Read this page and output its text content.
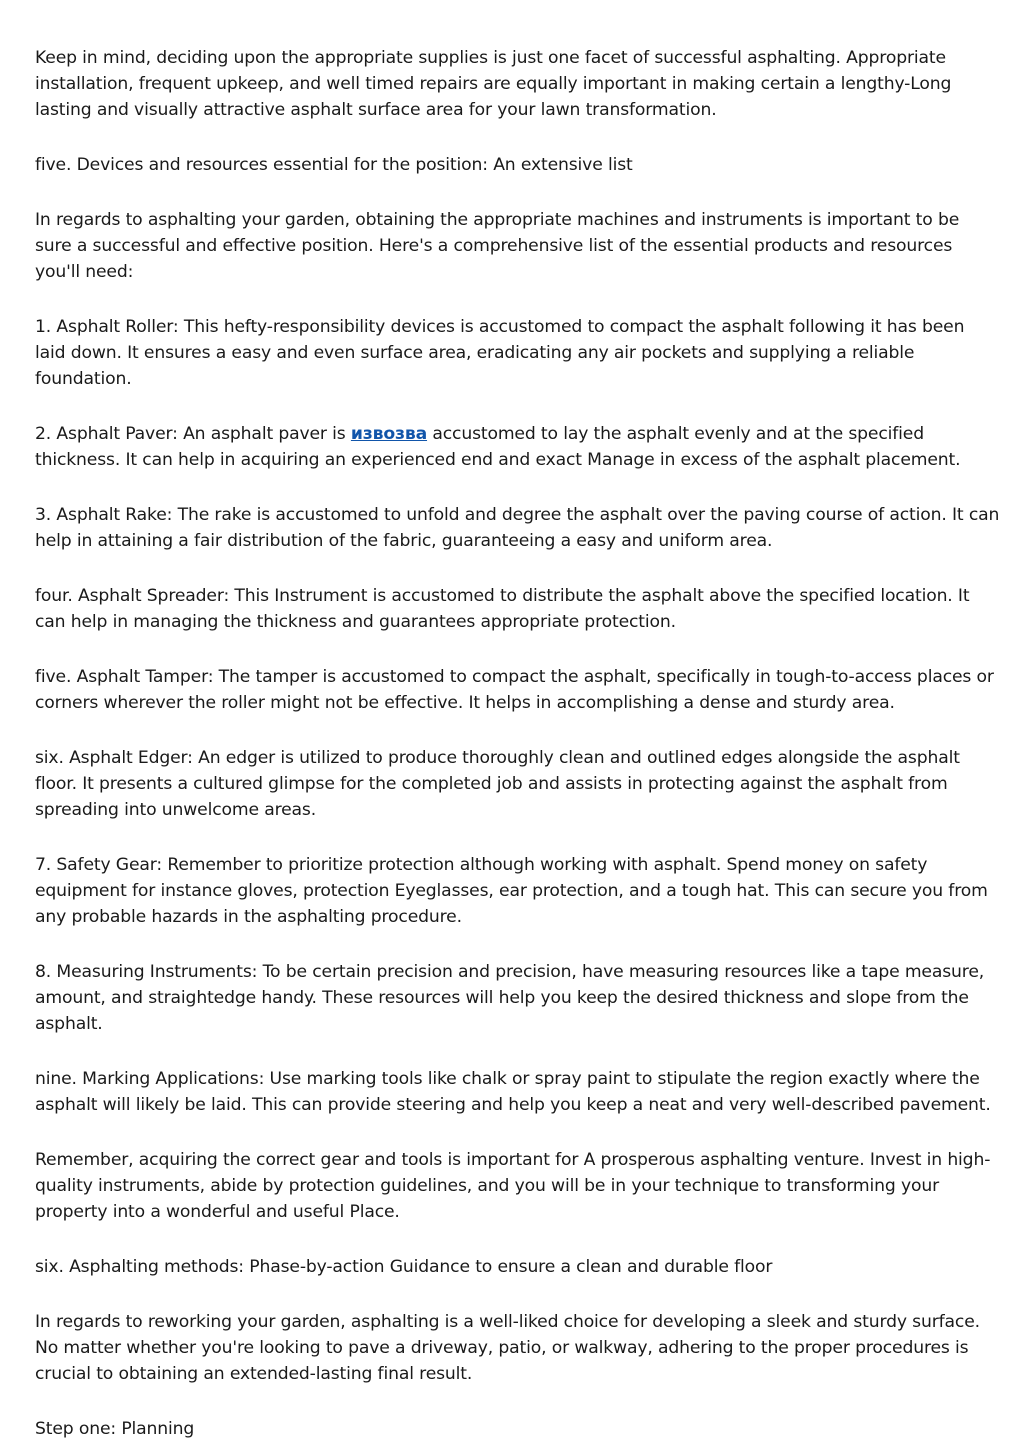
Keep in mind, deciding upon the appropriate supplies is just one facet of successful asphalting. Appropriate installation, frequent upkeep, and well timed repairs are equally important in making certain a lengthy-Long lasting and visually attractive asphalt surface area for your lawn transformation.

five. Devices and resources essential for the position: An extensive list

In regards to asphalting your garden, obtaining the appropriate machines and instruments is important to be sure a successful and effective position. Here's a comprehensive list of the essential products and resources you'll need:

1. Asphalt Roller: This hefty-responsibility devices is accustomed to compact the asphalt following it has been laid down. It ensures a easy and even surface area, eradicating any air pockets and supplying a reliable foundation.

2. Asphalt Paver: An asphalt paver is извозва accustomed to lay the asphalt evenly and at the specified thickness. It can help in acquiring an experienced end and exact Manage in excess of the asphalt placement.

3. Asphalt Rake: The rake is accustomed to unfold and degree the asphalt over the paving course of action. It can help in attaining a fair distribution of the fabric, guaranteeing a easy and uniform area.

four. Asphalt Spreader: This Instrument is accustomed to distribute the asphalt above the specified location. It can help in managing the thickness and guarantees appropriate protection.

five. Asphalt Tamper: The tamper is accustomed to compact the asphalt, specifically in tough-to-access places or corners wherever the roller might not be effective. It helps in accomplishing a dense and sturdy area.

six. Asphalt Edger: An edger is utilized to produce thoroughly clean and outlined edges alongside the asphalt floor. It presents a cultured glimpse for the completed job and assists in protecting against the asphalt from spreading into unwelcome areas.

7. Safety Gear: Remember to prioritize protection although working with asphalt. Spend money on safety equipment for instance gloves, protection Eyeglasses, ear protection, and a tough hat. This can secure you from any probable hazards in the asphalting procedure.

8. Measuring Instruments: To be certain precision and precision, have measuring resources like a tape measure, amount, and straightedge handy. These resources will help you keep the desired thickness and slope from the asphalt.

nine. Marking Applications: Use marking tools like chalk or spray paint to stipulate the region exactly where the asphalt will likely be laid. This can provide steering and help you keep a neat and very well-described pavement.

Remember, acquiring the correct gear and tools is important for A prosperous asphalting venture. Invest in high-quality instruments, abide by protection guidelines, and you will be in your technique to transforming your property into a wonderful and useful Place.

six. Asphalting methods: Phase-by-action Guidance to ensure a clean and durable floor

In regards to reworking your garden, asphalting is a well-liked choice for developing a sleek and sturdy surface. No matter whether you're looking to pave a driveway, patio, or walkway, adhering to the proper procedures is crucial to obtaining an extended-lasting final result.

Step one: Planning
